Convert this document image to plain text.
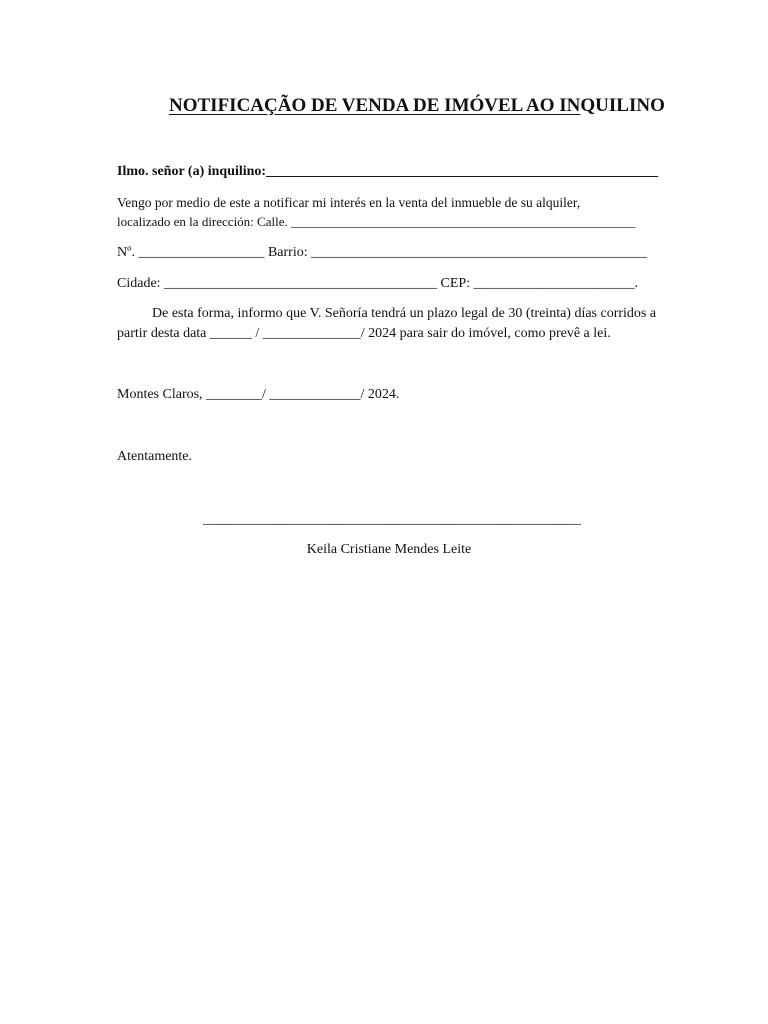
NOTIFICAÇÃO DE VENDA DE IMÓVEL AO INQUILINO
Ilmo. señor (a) inquilino:________________________________________________________
Vengo por medio de este a notificar mi interés en la venta del inmueble de su alquiler,
localizado en la dirección: Calle. _____________________________________________________
Nº. __________________ Barrio: ________________________________________________
Cidade: _______________________________________ CEP: _______________________.
De esta forma, informo que V. Señoría tendrá un plazo legal de 30 (treinta) días corridos a
partir desta data ______ / ______________/ 2024 para sair do imóvel, como prevê a lei.
Montes Claros, ________/ _____________/ 2024.
Atentamente.
______________________________________________________
Keila Cristiane Mendes Leite
